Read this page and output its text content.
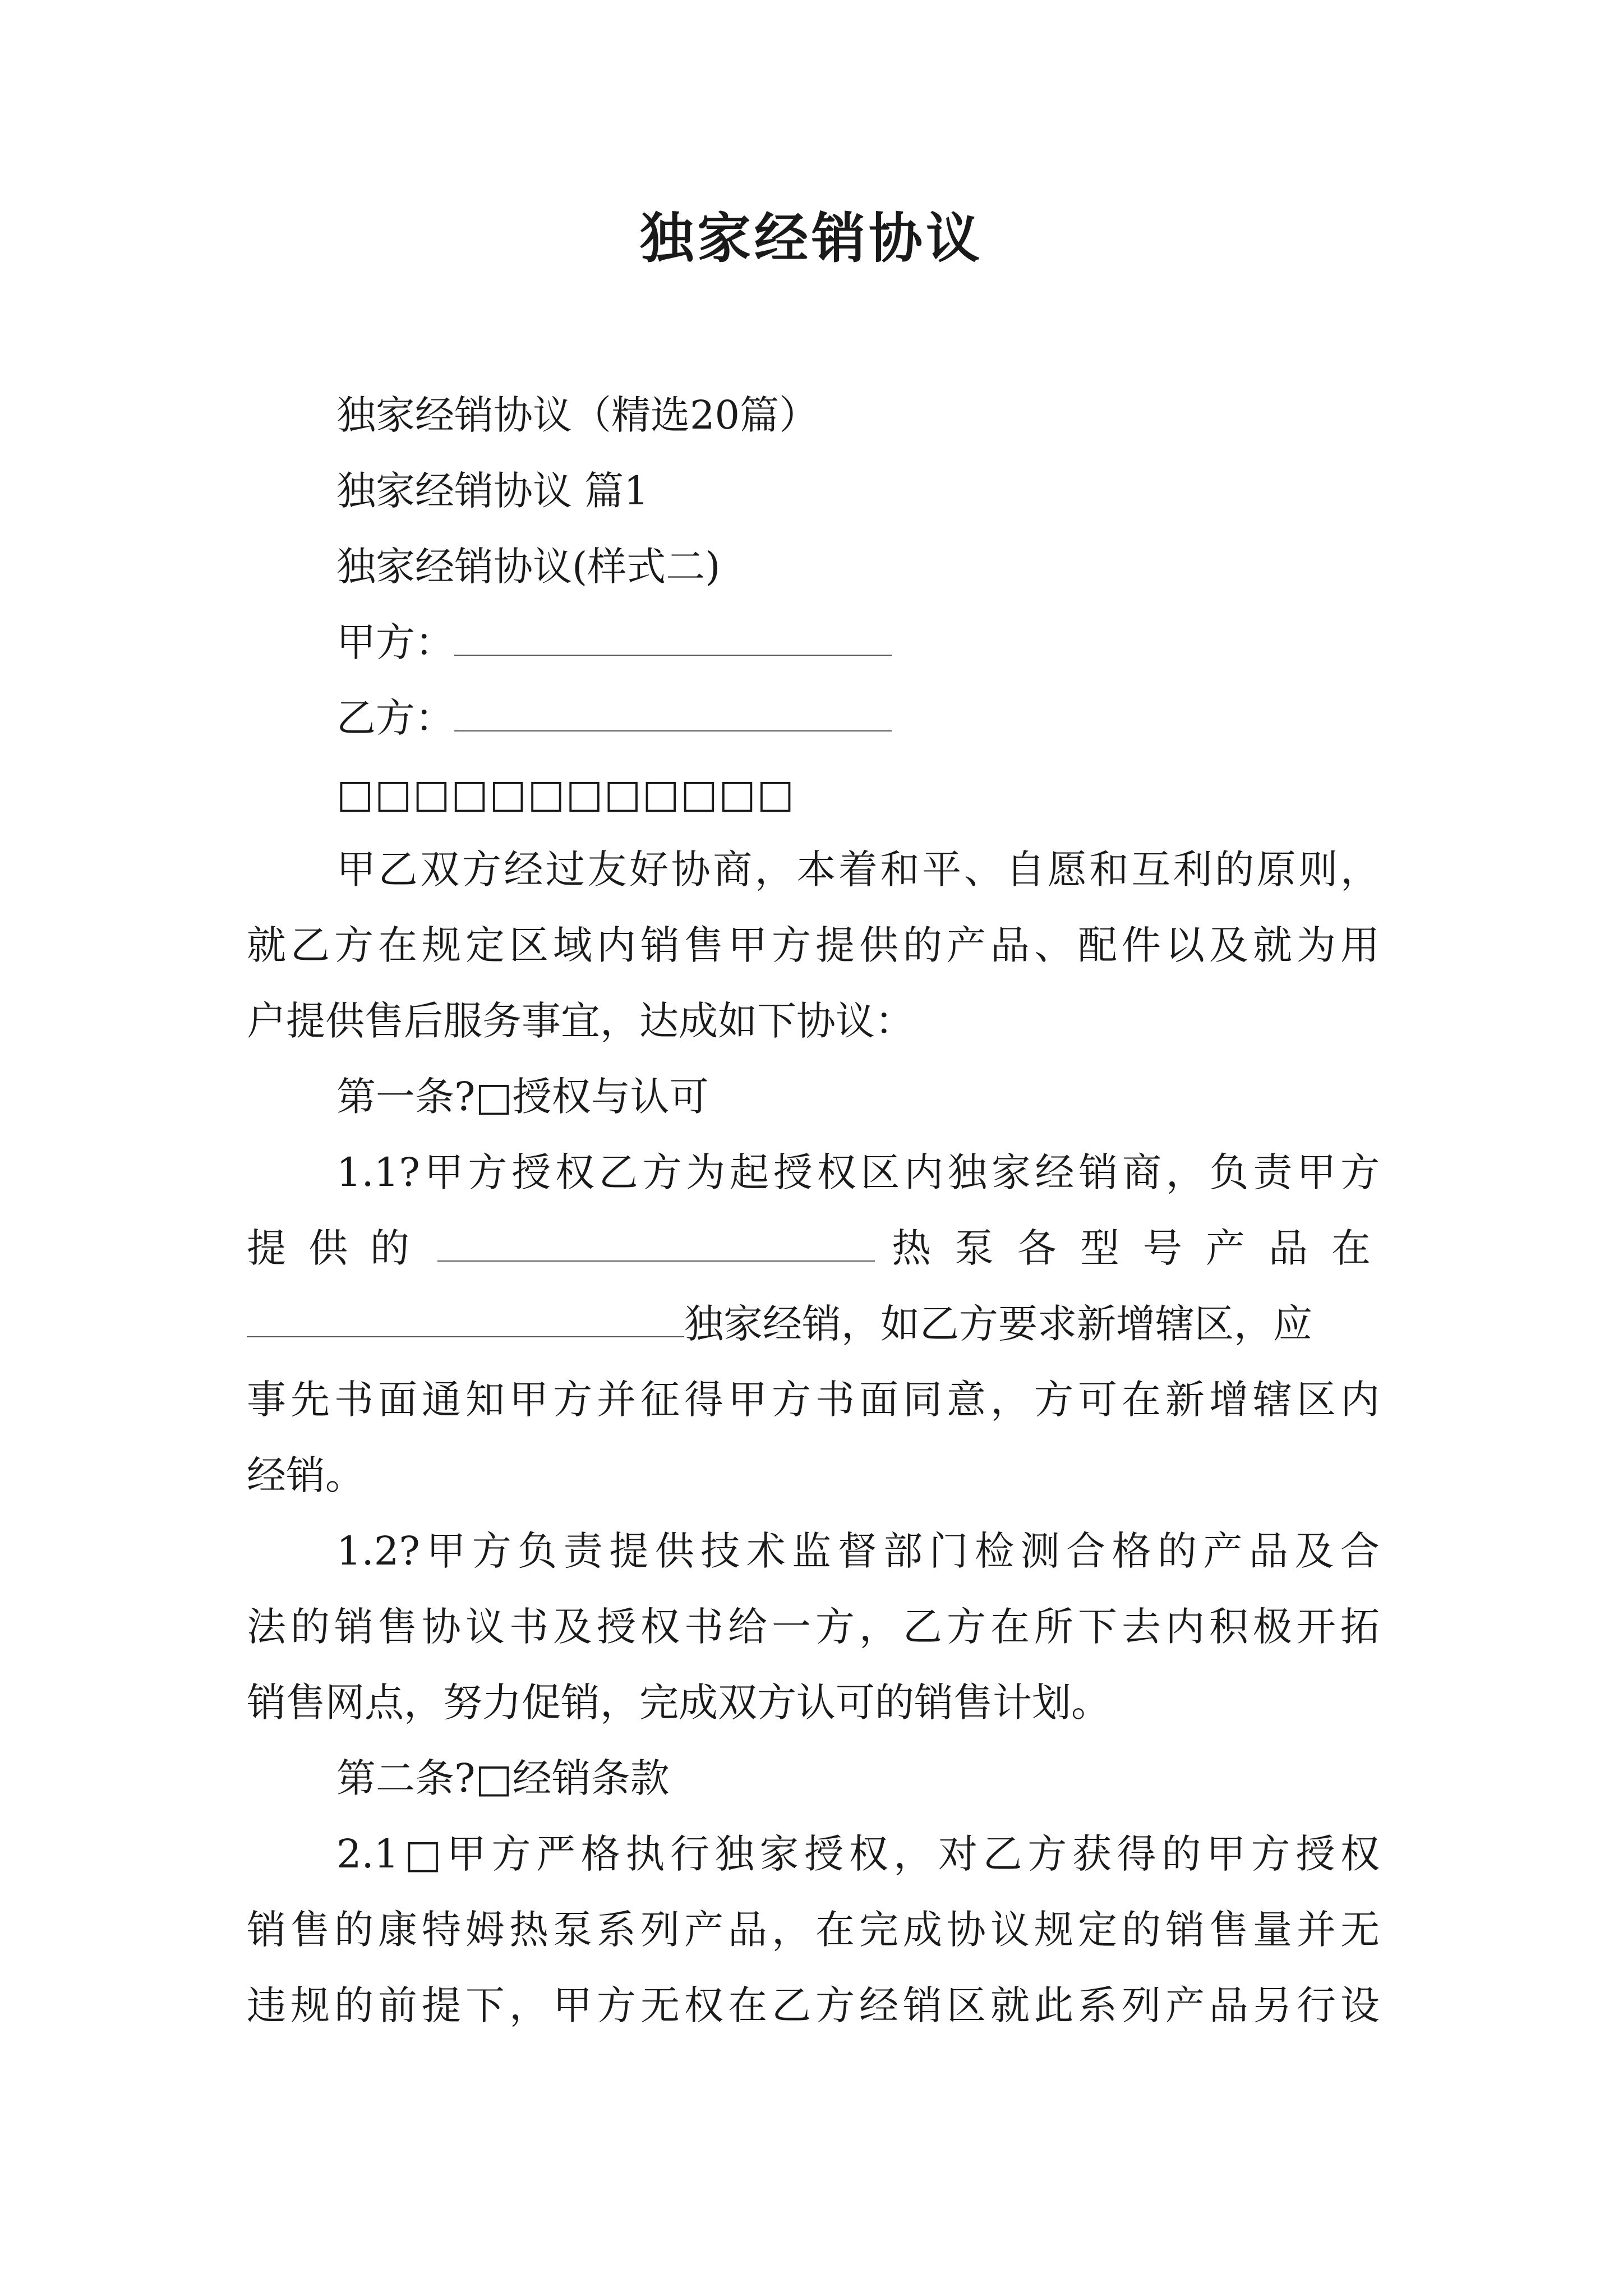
独家经销协议
独家经销协议（精选20篇）
独家经销协议 篇1
独家经销协议(样式二)
甲方：
乙方：
□□□□□□□□□□□□
甲乙双方经过友好协商，本着和平、自愿和互利的原则，
就乙方在规定区域内销售甲方提供的产品、配件以及就为用
户提供售后服务事宜，达成如下协议：
第一条?□授权与认可
1.1?甲方授权乙方为起授权区内独家经销商，负责甲方
提供的	热泵各型号产品在
独家经销，如乙方要求新增辖区，应
事先书面通知甲方并征得甲方书面同意，方可在新增辖区内
经销。
1.2?甲方负责提供技术监督部门检测合格的产品及合
法的销售协议书及授权书给一方，乙方在所下去内积极开拓
销售网点，努力促销，完成双方认可的销售计划。
第二条?□经销条款
2.1□甲方严格执行独家授权，对乙方获得的甲方授权
销售的康特姆热泵系列产品，在完成协议规定的销售量并无
违规的前提下，甲方无权在乙方经销区就此系列产品另行设
